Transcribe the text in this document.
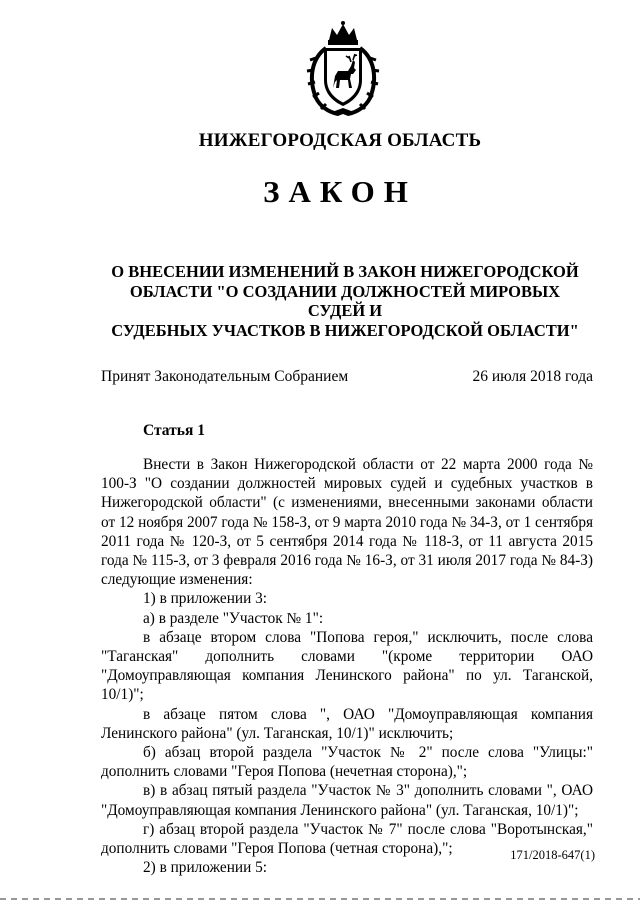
НИЖЕГОРОДСКАЯ ОБЛАСТЬ
ЗАКОН
О ВНЕСЕНИИ ИЗМЕНЕНИЙ В ЗАКОН НИЖЕГОРОДСКОЙ
ОБЛАСТИ "О СОЗДАНИИ ДОЛЖНОСТЕЙ МИРОВЫХ СУДЕЙ И
СУДЕБНЫХ УЧАСТКОВ В НИЖЕГОРОДСКОЙ ОБЛАСТИ"
Принят Законодательным Собранием	26 июля 2018 года
Статья 1

Внести в Закон Нижегородской области от 22 марта 2000 года № 100-З "О создании должностей мировых судей и судебных участков в Нижегородской области" (с изменениями, внесенными законами области от 12 ноября 2007 года № 158-З, от 9 марта 2010 года № 34-З, от 1 сентября 2011 года № 120-З, от 5 сентября 2014 года № 118-З, от 11 августа 2015 года № 115-З, от 3 февраля 2016 года № 16-З, от 31 июля 2017 года № 84-З) следующие изменения:

1) в приложении 3:

а) в разделе "Участок № 1":

в абзаце втором слова "Попова героя," исключить, после слова "Таганская" дополнить словами "(кроме территории ОАО "Домоуправляющая компания Ленинского района" по ул. Таганской, 10/1)";

в абзаце пятом слова ", ОАО "Домоуправляющая компания Ленинского района" (ул. Таганская, 10/1)" исключить;

б) абзац второй раздела "Участок № 2" после слова "Улицы:" дополнить словами "Героя Попова (нечетная сторона),";

в) в абзац пятый раздела "Участок № 3" дополнить словами ", ОАО "Домоуправляющая компания Ленинского района" (ул. Таганская, 10/1)";

г) абзац второй раздела "Участок № 7" после слова "Воротынская," дополнить словами "Героя Попова (четная сторона),";

2) в приложении 5:

171/2018-647(1)
